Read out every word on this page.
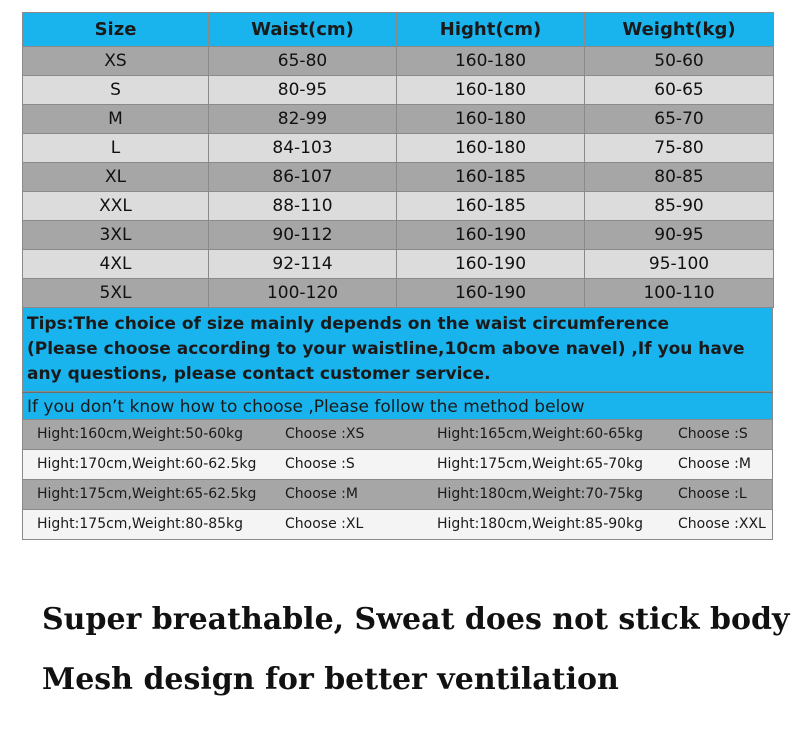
Size	Waist(cm)	Hight(cm)	Weight(kg)
XS	65-80	160-180	50-60
S	80-95	160-180	60-65
M	82-99	160-180	65-70
L	84-103	160-180	75-80
XL	86-107	160-185	80-85
XXL	88-110	160-185	85-90
3XL	90-112	160-190	90-95
4XL	92-114	160-190	95-100
5XL	100-120	160-190	100-110
Tips:The choice of size mainly depends on the waist circumference
(Please choose according to your waistline,10cm above navel) ,If you have
any questions, please contact customer service.
If you don’t know how to choose ,Please follow the method below
Hight:160cm,Weight:50-60kg	Choose :XS	Hight:165cm,Weight:60-65kg Choose :S
Hight:170cm,Weight:60-62.5kg Choose :S	Hight:175cm,Weight:65-70kg Choose :M
Hight:175cm,Weight:65-62.5kg Choose :M	Hight:180cm,Weight:70-75kg Choose :L
Hight:175cm,Weight:80-85kg	Choose :XL	Hight:180cm,Weight:85-90kg Choose :XXL
Super breathable, Sweat does not stick body
Mesh design for better ventilation
